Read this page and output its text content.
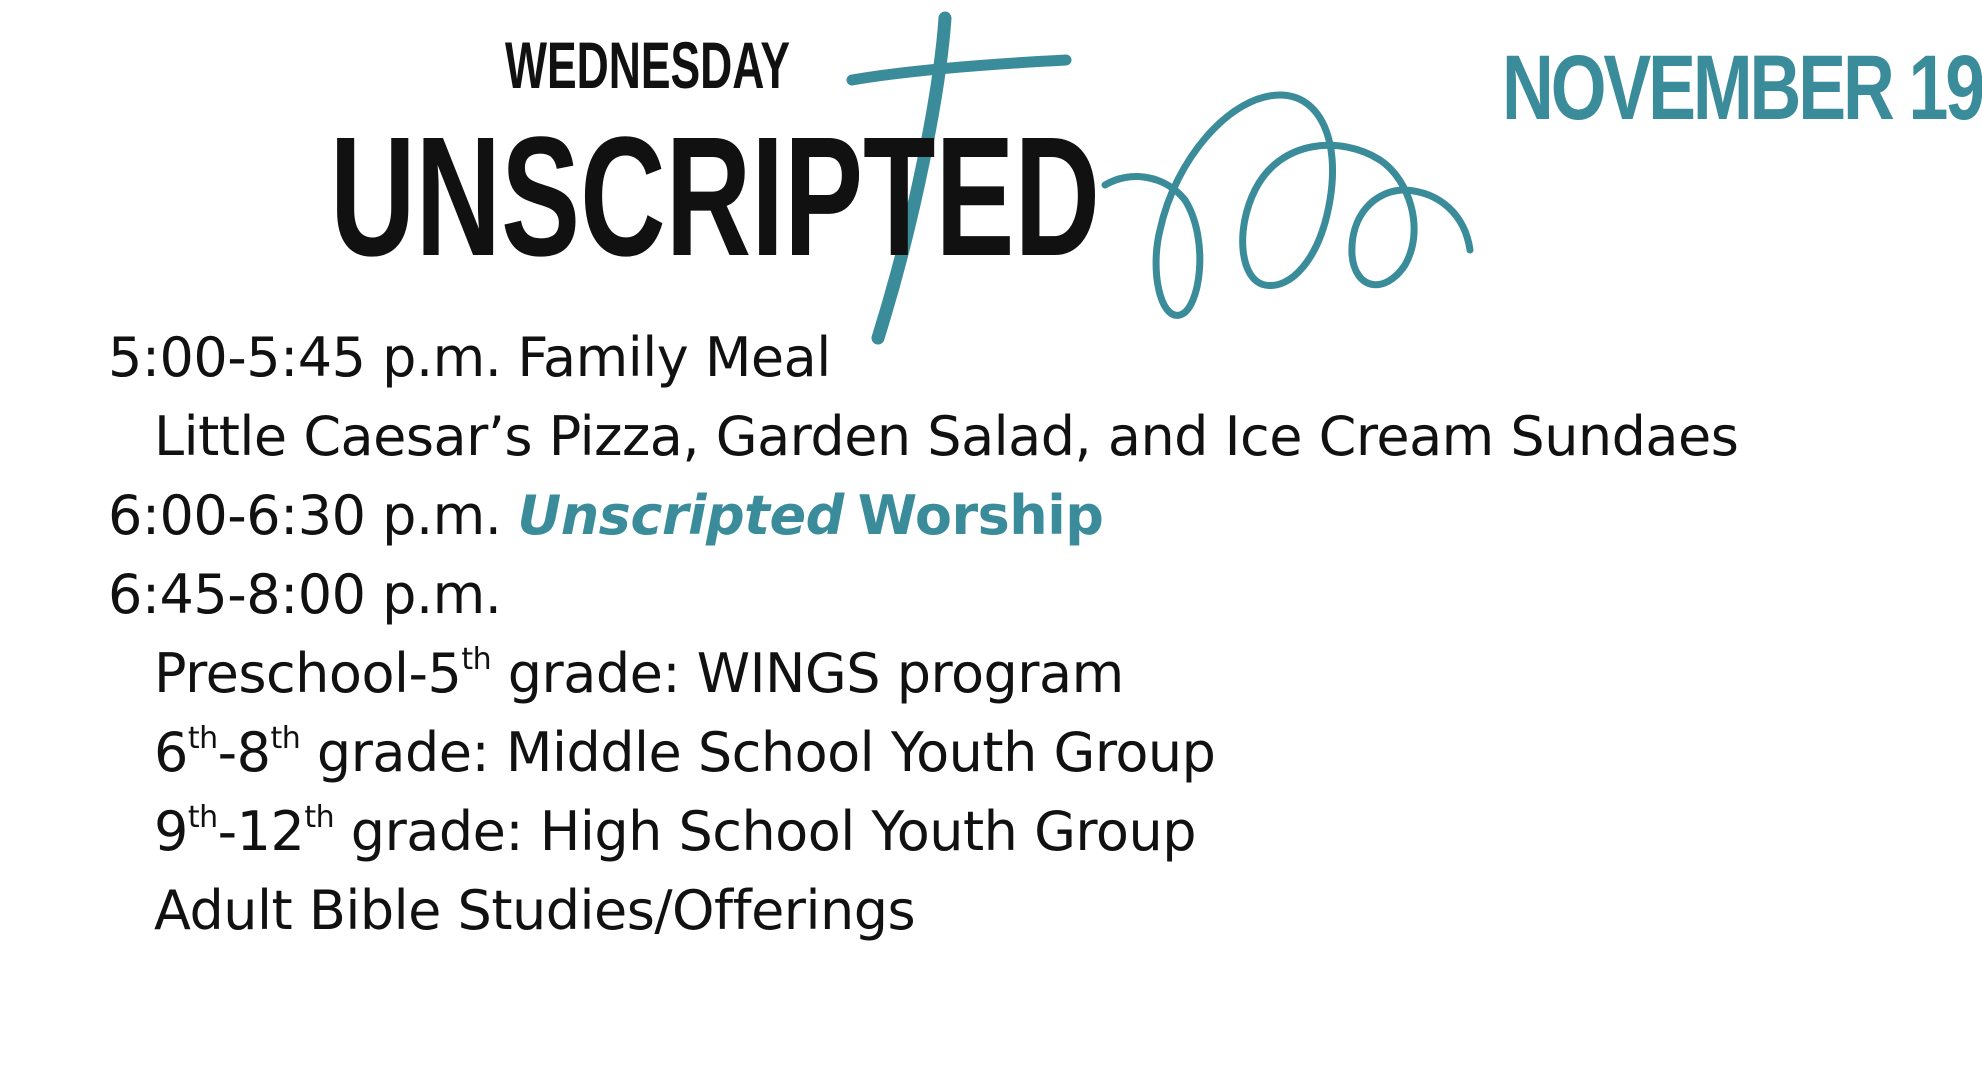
WEDNESDAY
UNSCRIPTED
NOVEMBER 19
5:00-5:45 p.m. Family Meal
Little Caesar’s Pizza, Garden Salad, and Ice Cream Sundaes
6:00-6:30 p.m. Unscripted Worship
6:45-8:00 p.m.
Preschool-5th grade: WINGS program
6th-8th grade: Middle School Youth Group
9th-12th grade: High School Youth Group
Adult Bible Studies/Offerings
